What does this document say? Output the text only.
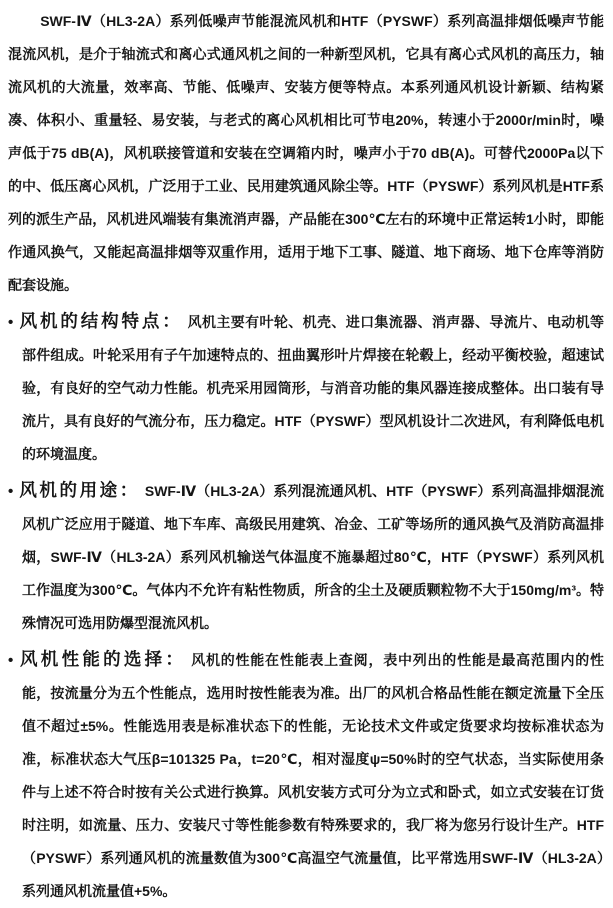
SWF-Ⅳ（HL3-2A）系列低噪声节能混流风机和HTF（PYSWF）系列高温排烟低噪声节能混流风机，是介于轴流式和离心式通风机之间的一种新型风机，它具有离心式风机的高压力，轴流风机的大流量，效率高、节能、低噪声、安装方便等特点。本系列通风机设计新颖、结构紧凑、体积小、重量轻、易安装，与老式的离心风机相比可节电20%，转速小于2000r/min时，噪声低于75 dB(A)，风机联接管道和安装在空调箱内时，噪声小于70 dB(A)。可替代2000Pa以下的中、低压离心风机，广泛用于工业、民用建筑通风除尘等。HTF（PYSWF）系列风机是HTF系列的派生产品，风机进风端装有集流消声器，产品能在300℃左右的环境中正常运转1小时，即能作通风换气，又能起高温排烟等双重作用，适用于地下工事、隧道、地下商场、地下仓库等消防配套设施。

• 风机的结构特点： 风机主要有叶轮、机壳、进口集流器、消声器、导流片、电动机等部件组成。叶轮采用有子午加速特点的、扭曲翼形叶片焊接在轮毂上，经动平衡校验，超速试验，有良好的空气动力性能。机壳采用园筒形，与消音功能的集风器连接成整体。出口装有导流片，具有良好的气流分布，压力稳定。HTF（PYSWF）型风机设计二次进风，有利降低电机的环境温度。

• 风机的用途： SWF-Ⅳ（HL3-2A）系列混流通风机、HTF（PYSWF）系列高温排烟混流风机广泛应用于隧道、地下车库、高级民用建筑、冶金、工矿等场所的通风换气及消防高温排烟，SWF-Ⅳ（HL3-2A）系列风机输送气体温度不施暴超过80℃，HTF（PYSWF）系列风机工作温度为300℃。气体内不允许有粘性物质，所含的尘土及硬质颗粒物不大于150mg/m³。特殊情况可选用防爆型混流风机。

• 风机性能的选择： 风机的性能在性能表上查阅，表中列出的性能是最高范围内的性能，按流量分为五个性能点，选用时按性能表为准。出厂的风机合格品性能在额定流量下全压值不超过±5%。性能选用表是标准状态下的性能，无论技术文件或定货要求均按标准状态为准，标准状态大气压β=101325 Pa，t=20℃，相对湿度ψ=50%时的空气状态，当实际使用条件与上述不符合时按有关公式进行换算。风机安装方式可分为立式和卧式，如立式安装在订货时注明，如流量、压力、安装尺寸等性能参数有特殊要求的，我厂将为您另行设计生产。HTF（PYSWF）系列通风机的流量数值为300℃高温空气流量值，比平常选用SWF-Ⅳ（HL3-2A）系列通风机流量值+5%。
